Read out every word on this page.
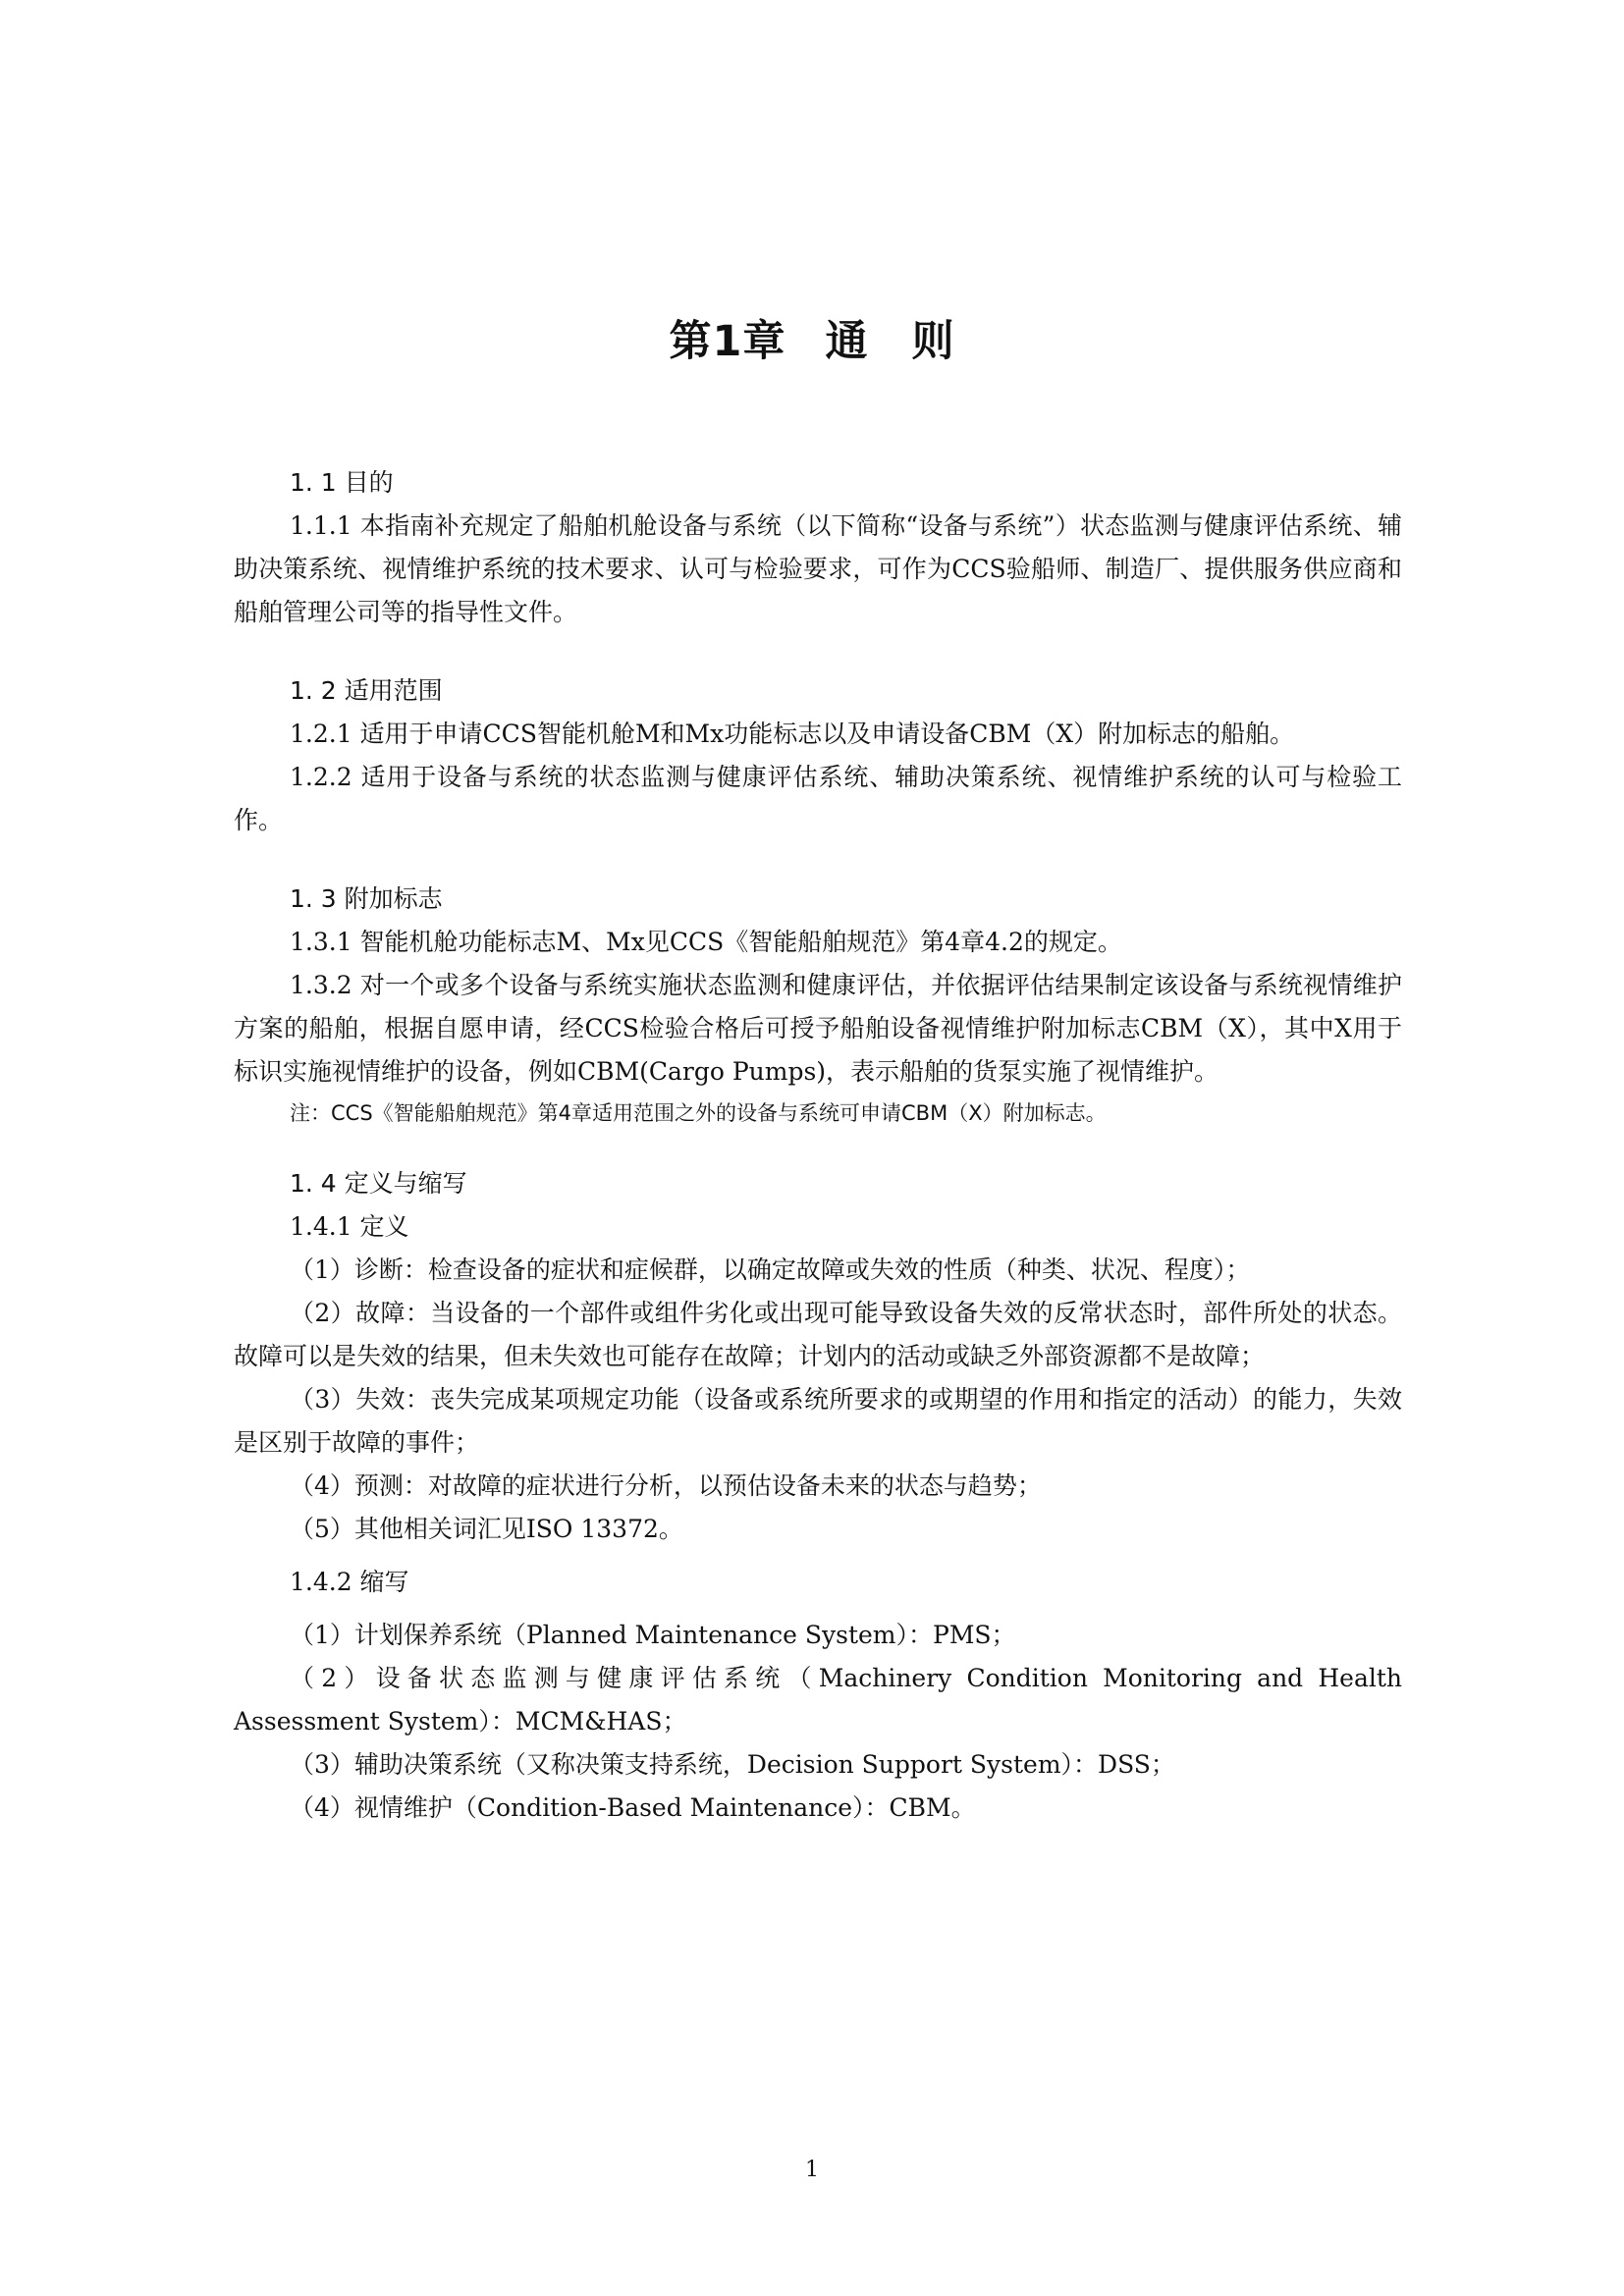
第1章 通 则
1. 1 目的

1.1.1 本指南补充规定了船舶机舱设备与系统（以下简称“设备与系统”）状态监测与健康评估系统、辅助决策系统、视情维护系统的技术要求、认可与检验要求，可作为CCS验船师、制造厂、提供服务供应商和船舶管理公司等的指导性文件。

1. 2 适用范围

1.2.1 适用于申请CCS智能机舱M和Mx功能标志以及申请设备CBM（X）附加标志的船舶。

1.2.2 适用于设备与系统的状态监测与健康评估系统、辅助决策系统、视情维护系统的认可与检验工作。

1. 3 附加标志

1.3.1 智能机舱功能标志M、Mx见CCS《智能船舶规范》第4章4.2的规定。

1.3.2 对一个或多个设备与系统实施状态监测和健康评估，并依据评估结果制定该设备与系统视情维护方案的船舶，根据自愿申请，经CCS检验合格后可授予船舶设备视情维护附加标志CBM（X），其中X用于标识实施视情维护的设备，例如CBM(Cargo Pumps)，表示船舶的货泵实施了视情维护。

注：CCS《智能船舶规范》第4章适用范围之外的设备与系统可申请CBM（X）附加标志。

1. 4 定义与缩写

1.4.1 定义

（1）诊断：检查设备的症状和症候群，以确定故障或失效的性质（种类、状况、程度）；

（2）故障：当设备的一个部件或组件劣化或出现可能导致设备失效的反常状态时，部件所处的状态。故障可以是失效的结果，但未失效也可能存在故障；计划内的活动或缺乏外部资源都不是故障；

（3）失效：丧失完成某项规定功能（设备或系统所要求的或期望的作用和指定的活动）的能力，失效是区别于故障的事件；

（4）预测：对故障的症状进行分析，以预估设备未来的状态与趋势；

（5）其他相关词汇见ISO 13372。

1.4.2 缩写

（1）计划保养系统（Planned Maintenance System）：PMS；

（2）设备状态监测与健康评估系统（Machinery Condition Monitoring and Health Assessment System）：MCM&HAS；

（3）辅助决策系统（又称决策支持系统，Decision Support System）：DSS；

（4）视情维护（Condition-Based Maintenance）：CBM。

1
